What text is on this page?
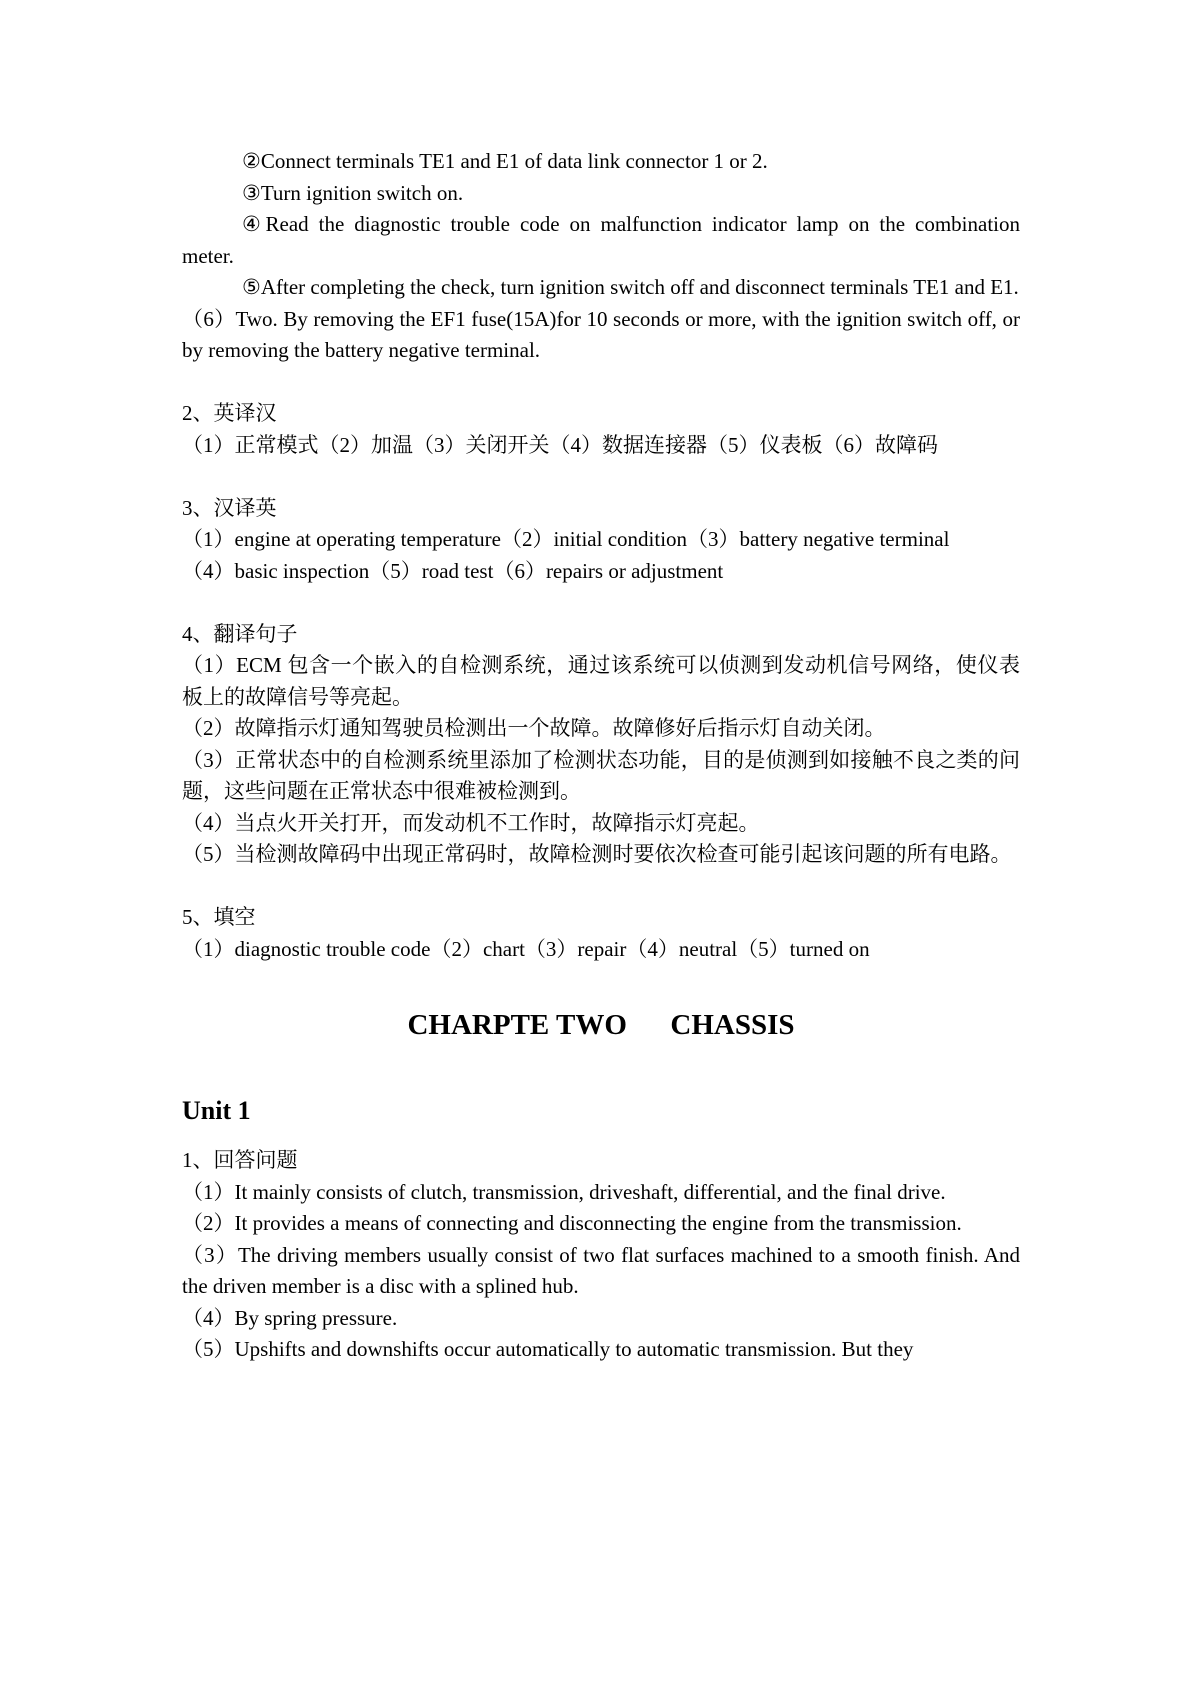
②Connect terminals TE1 and E1 of data link connector 1 or 2.

③Turn ignition switch on.

④Read the diagnostic trouble code on malfunction indicator lamp on the combination meter.

⑤After completing the check, turn ignition switch off and disconnect terminals TE1 and E1.

（6）Two. By removing the EF1 fuse(15A)for 10 seconds or more, with the ignition switch off, or by removing the battery negative terminal.

2、英译汉

（1）正常模式（2）加温（3）关闭开关（4）数据连接器（5）仪表板（6）故障码

3、汉译英

（1）engine at operating temperature（2）initial condition（3）battery negative terminal

（4）basic inspection（5）road test（6）repairs or adjustment

4、翻译句子

（1）ECM 包含一个嵌入的自检测系统，通过该系统可以侦测到发动机信号网络，使仪表板上的故障信号等亮起。

（2）故障指示灯通知驾驶员检测出一个故障。故障修好后指示灯自动关闭。

（3）正常状态中的自检测系统里添加了检测状态功能，目的是侦测到如接触不良之类的问题，这些问题在正常状态中很难被检测到。

（4）当点火开关打开，而发动机不工作时，故障指示灯亮起。

（5）当检测故障码中出现正常码时，故障检测时要依次检查可能引起该问题的所有电路。

5、填空

（1）diagnostic trouble code（2）chart（3）repair（4）neutral（5）turned on

CHARPTE TWO      CHASSIS
Unit 1

1、回答问题

（1）It mainly consists of clutch, transmission, driveshaft, differential, and the final drive.

（2）It provides a means of connecting and disconnecting the engine from the transmission.

（3）The driving members usually consist of two flat surfaces machined to a smooth finish. And the driven member is a disc with a splined hub.

（4）By spring pressure.

（5）Upshifts and downshifts occur automatically to automatic transmission. But they
